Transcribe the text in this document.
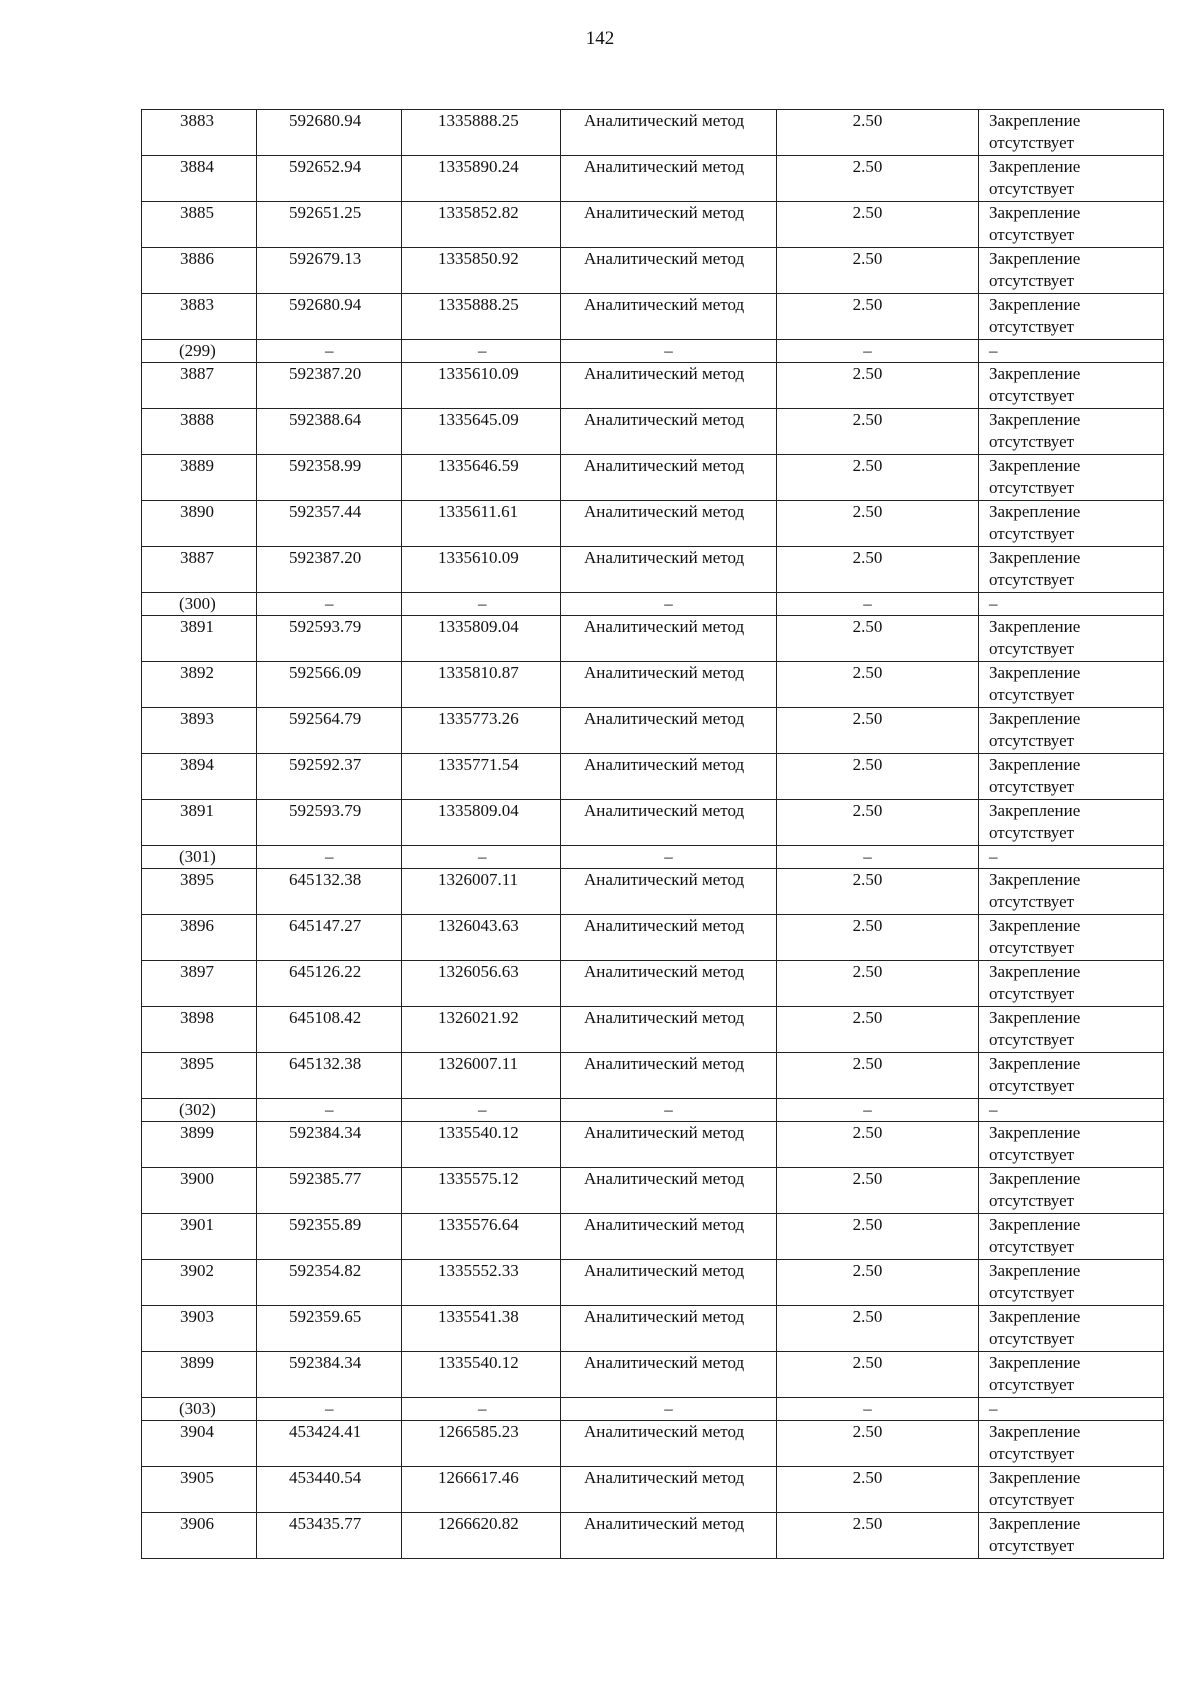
142
3883	592680.94	1335888.25	Аналитический метод	2.50	Закрепление отсутствует
3884	592652.94	1335890.24	Аналитический метод	2.50	Закрепление отсутствует
3885	592651.25	1335852.82	Аналитический метод	2.50	Закрепление отсутствует
3886	592679.13	1335850.92	Аналитический метод	2.50	Закрепление отсутствует
3883	592680.94	1335888.25	Аналитический метод	2.50	Закрепление отсутствует
(299)	–	–	–	–	–
3887	592387.20	1335610.09	Аналитический метод	2.50	Закрепление отсутствует
3888	592388.64	1335645.09	Аналитический метод	2.50	Закрепление отсутствует
3889	592358.99	1335646.59	Аналитический метод	2.50	Закрепление отсутствует
3890	592357.44	1335611.61	Аналитический метод	2.50	Закрепление отсутствует
3887	592387.20	1335610.09	Аналитический метод	2.50	Закрепление отсутствует
(300)	–	–	–	–	–
3891	592593.79	1335809.04	Аналитический метод	2.50	Закрепление отсутствует
3892	592566.09	1335810.87	Аналитический метод	2.50	Закрепление отсутствует
3893	592564.79	1335773.26	Аналитический метод	2.50	Закрепление отсутствует
3894	592592.37	1335771.54	Аналитический метод	2.50	Закрепление отсутствует
3891	592593.79	1335809.04	Аналитический метод	2.50	Закрепление отсутствует
(301)	–	–	–	–	–
3895	645132.38	1326007.11	Аналитический метод	2.50	Закрепление отсутствует
3896	645147.27	1326043.63	Аналитический метод	2.50	Закрепление отсутствует
3897	645126.22	1326056.63	Аналитический метод	2.50	Закрепление отсутствует
3898	645108.42	1326021.92	Аналитический метод	2.50	Закрепление отсутствует
3895	645132.38	1326007.11	Аналитический метод	2.50	Закрепление отсутствует
(302)	–	–	–	–	–
3899	592384.34	1335540.12	Аналитический метод	2.50	Закрепление отсутствует
3900	592385.77	1335575.12	Аналитический метод	2.50	Закрепление отсутствует
3901	592355.89	1335576.64	Аналитический метод	2.50	Закрепление отсутствует
3902	592354.82	1335552.33	Аналитический метод	2.50	Закрепление отсутствует
3903	592359.65	1335541.38	Аналитический метод	2.50	Закрепление отсутствует
3899	592384.34	1335540.12	Аналитический метод	2.50	Закрепление отсутствует
(303)	–	–	–	–	–
3904	453424.41	1266585.23	Аналитический метод	2.50	Закрепление отсутствует
3905	453440.54	1266617.46	Аналитический метод	2.50	Закрепление отсутствует
3906	453435.77	1266620.82	Аналитический метод	2.50	Закрепление отсутствует
